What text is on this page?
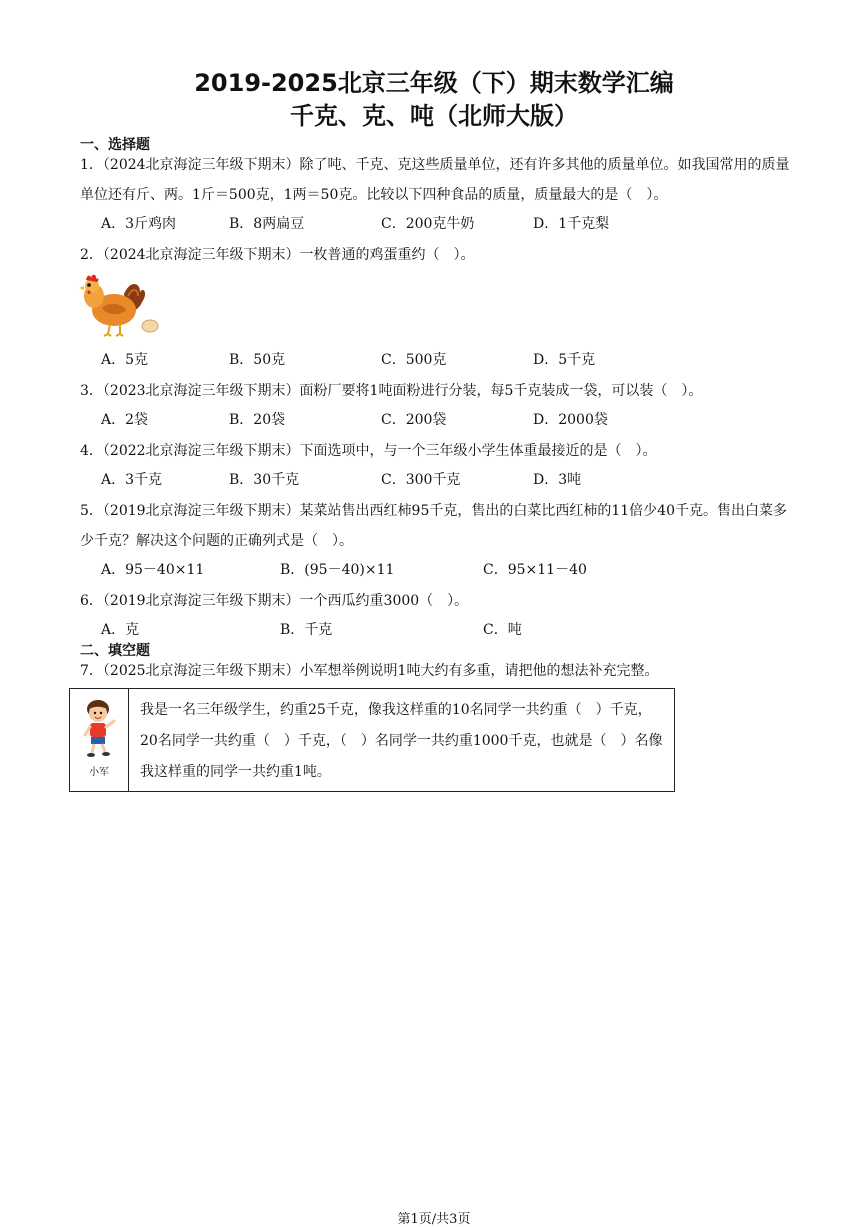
2019-2025北京三年级（下）期末数学汇编
千克、克、吨（北师大版）
一、选择题
1．（2024北京海淀三年级下期末）除了吨、千克、克这些质量单位，还有许多其他的质量单位。如我国常用的质量单位还有斤、两。1斤＝500克，1两＝50克。比较以下四种食品的质量，质量最大的是（　）。
A．3斤鸡肉	B．8两扁豆	C．200克牛奶	D．1千克梨
2．（2024北京海淀三年级下期末）一枚普通的鸡蛋重约（　）。
A．5克	B．50克	C．500克	D．5千克
3．（2023北京海淀三年级下期末）面粉厂要将1吨面粉进行分装，每5千克装成一袋，可以装（　）。
A．2袋	B．20袋	C．200袋	D．2000袋
4．（2022北京海淀三年级下期末）下面选项中，与一个三年级小学生体重最接近的是（　）。
A．3千克	B．30千克	C．300千克	D．3吨
5．（2019北京海淀三年级下期末）某菜站售出西红柿95千克，售出的白菜比西红柿的11倍少40千克。售出白菜多少千克？解决这个问题的正确列式是（　）。
A．95－40×11	B．(95－40)×11	C．95×11－40
6．（2019北京海淀三年级下期末）一个西瓜约重3000（　）。
A．克	B．千克	C．吨
二、填空题
7．（2025北京海淀三年级下期末）小军想举例说明1吨大约有多重，请把他的想法补充完整。
小军
我是一名三年级学生，约重25千克，像我这样重的10名同学一共约重（　）千克，20名同学一共约重（　）千克，（　）名同学一共约重1000千克，也就是（　）名像我这样重的同学一共约重1吨。
第1页/共3页
